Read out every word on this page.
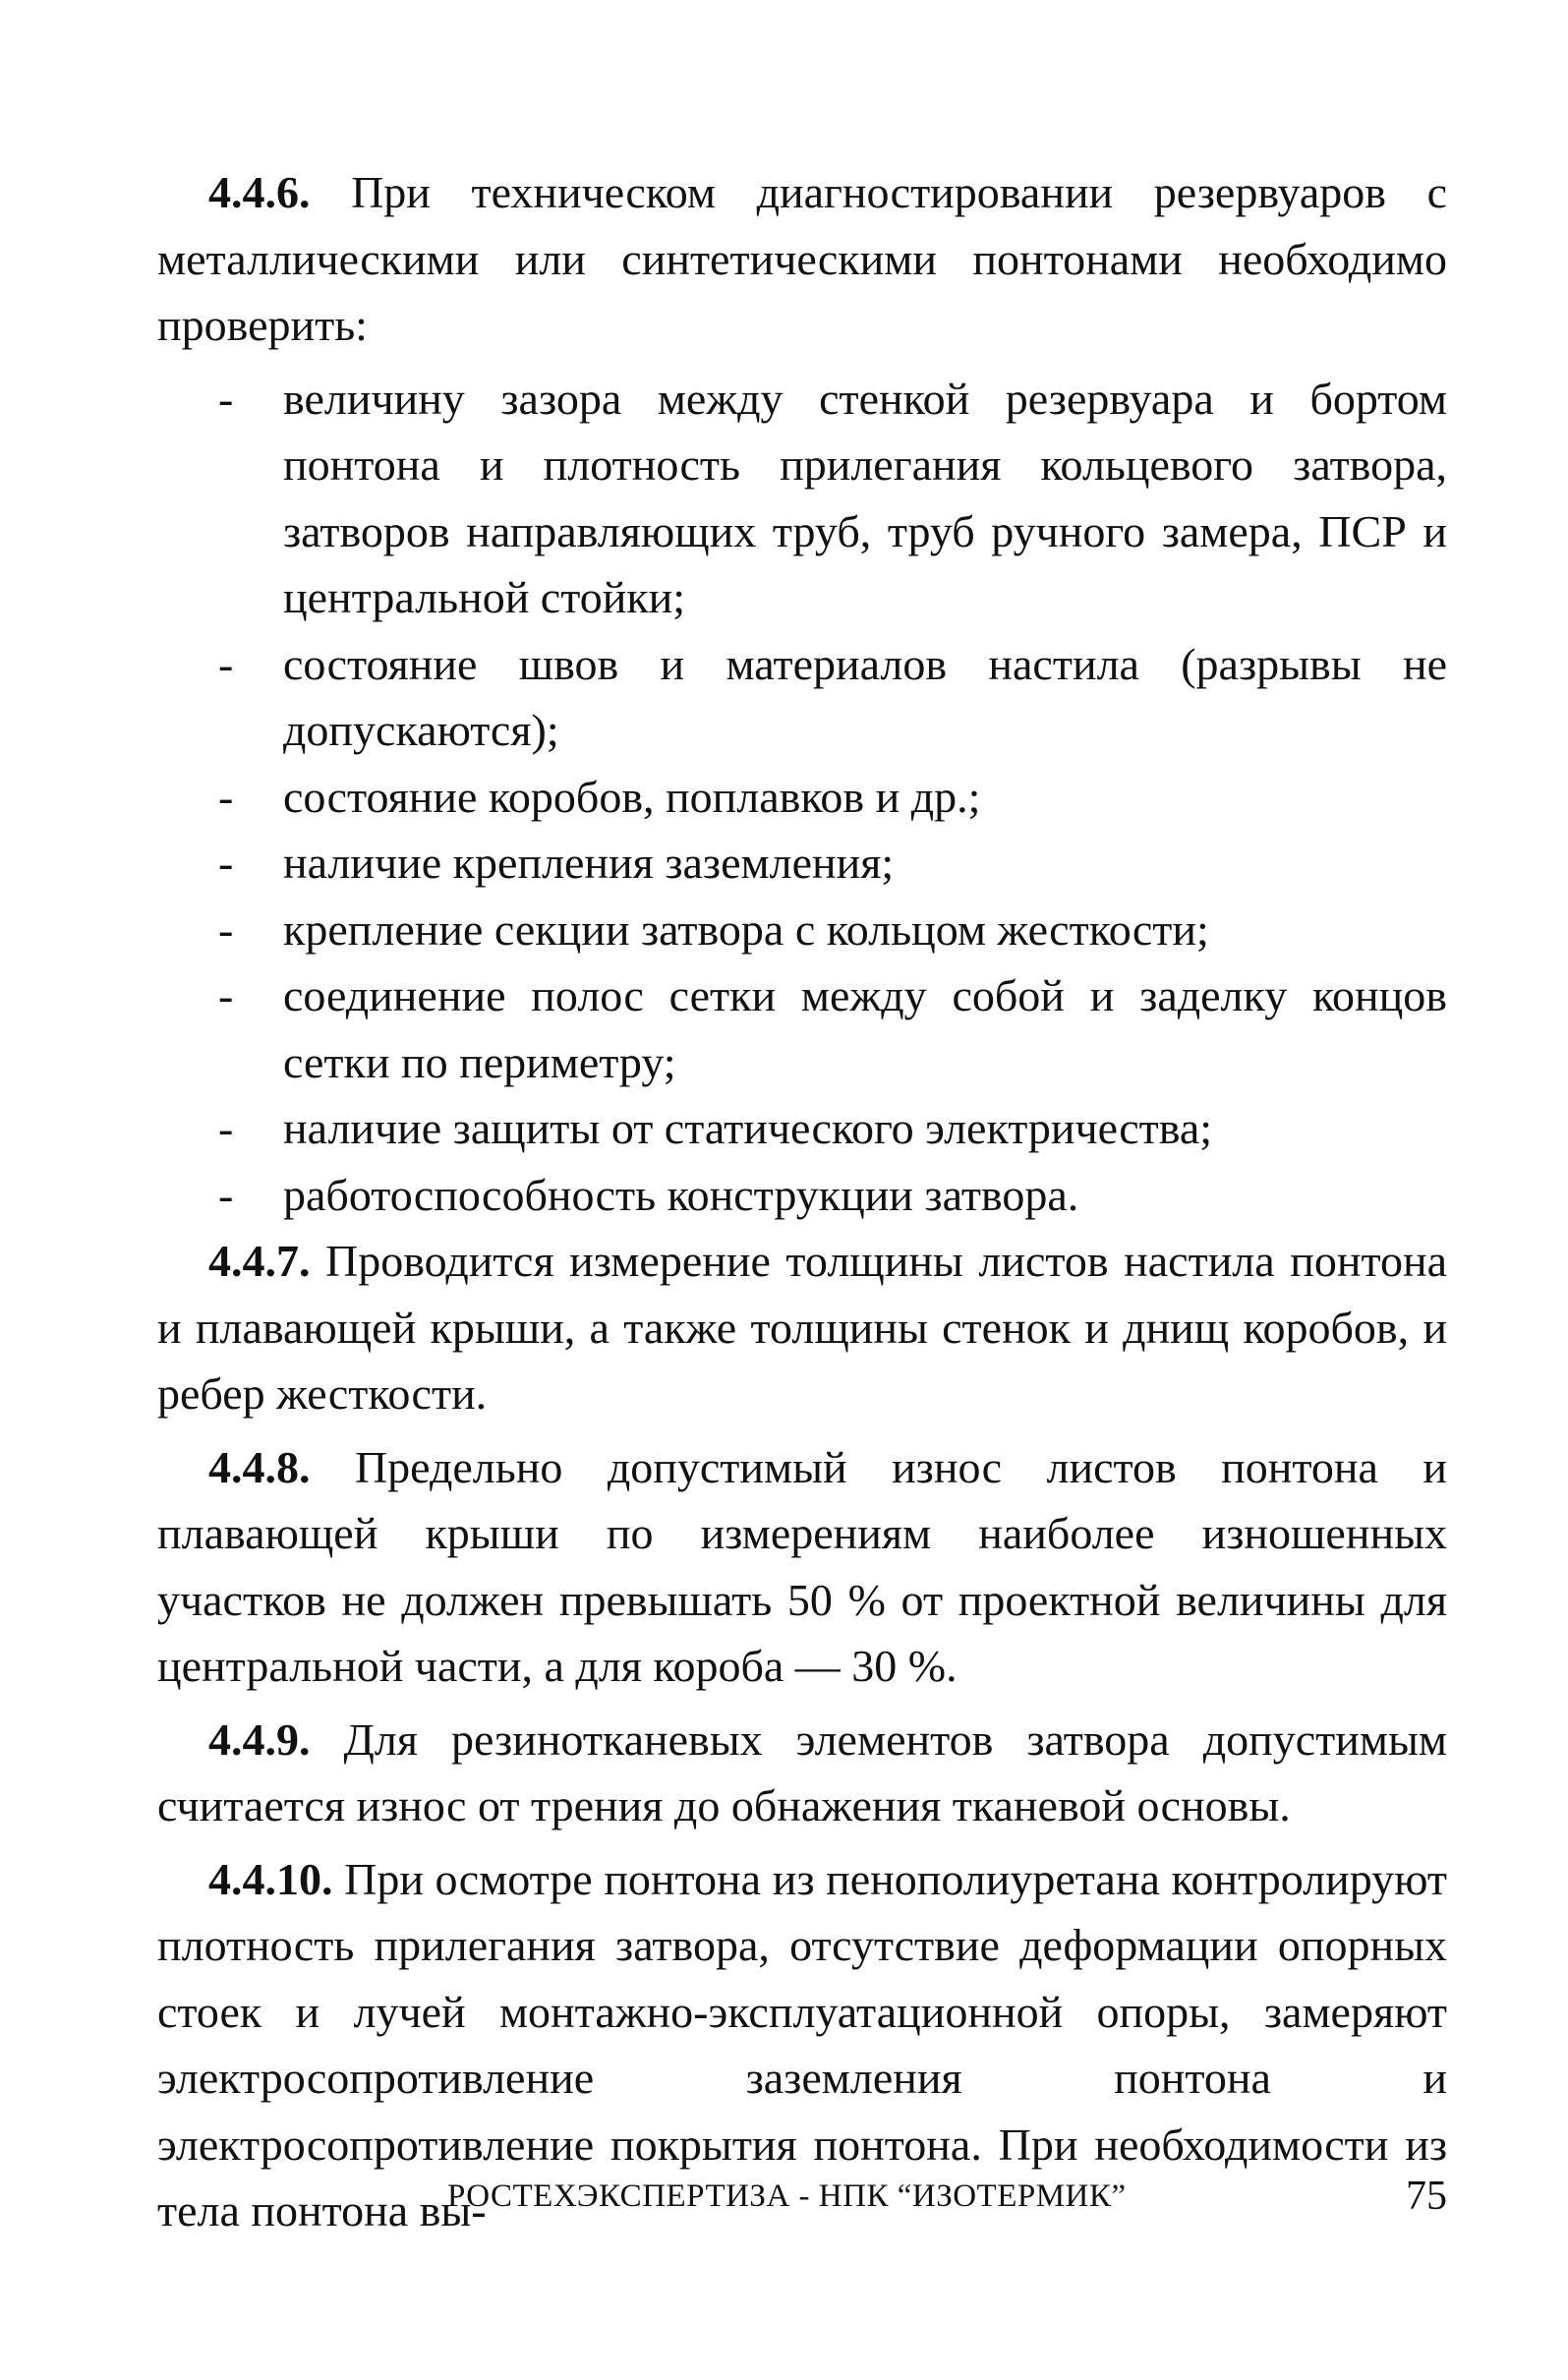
4.4.6. При техническом диагностировании резервуаров с металлическими или синтетическими понтонами необходимо проверить:

- величину зазора между стенкой резервуара и бортом понтона и плотность прилегания кольцевого затвора, затворов направляющих труб, труб ручного замера, ПСР и центральной стойки;
- состояние швов и материалов настила (разрывы не допускаются);
- состояние коробов, поплавков и др.;
- наличие крепления заземления;
- крепление секции затвора с кольцом жесткости;
- соединение полос сетки между собой и заделку концов сетки по периметру;
- наличие защиты от статического электричества;
- работоспособность конструкции затвора.

4.4.7. Проводится измерение толщины листов настила понтона и плавающей крыши, а также толщины стенок и днищ коробов, и ребер жесткости.

4.4.8. Предельно допустимый износ листов понтона и плавающей крыши по измерениям наиболее изношенных участков не должен превышать 50 % от проектной величины для центральной части, а для короба — 30 %.

4.4.9. Для резинотканевых элементов затвора допустимым считается износ от трения до обнажения тканевой основы.

4.4.10. При осмотре понтона из пенополиуретана контролируют плотность прилегания затвора, отсутствие деформации опорных стоек и лучей монтажно-эксплуатационной опоры, замеряют электросопротивление заземления понтона и электросопротивление покрытия понтона. При необходимости из тела понтона вы-

РОСТЕХЭКСПЕРТИЗА - НПК “ИЗОТЕРМИК”	75
